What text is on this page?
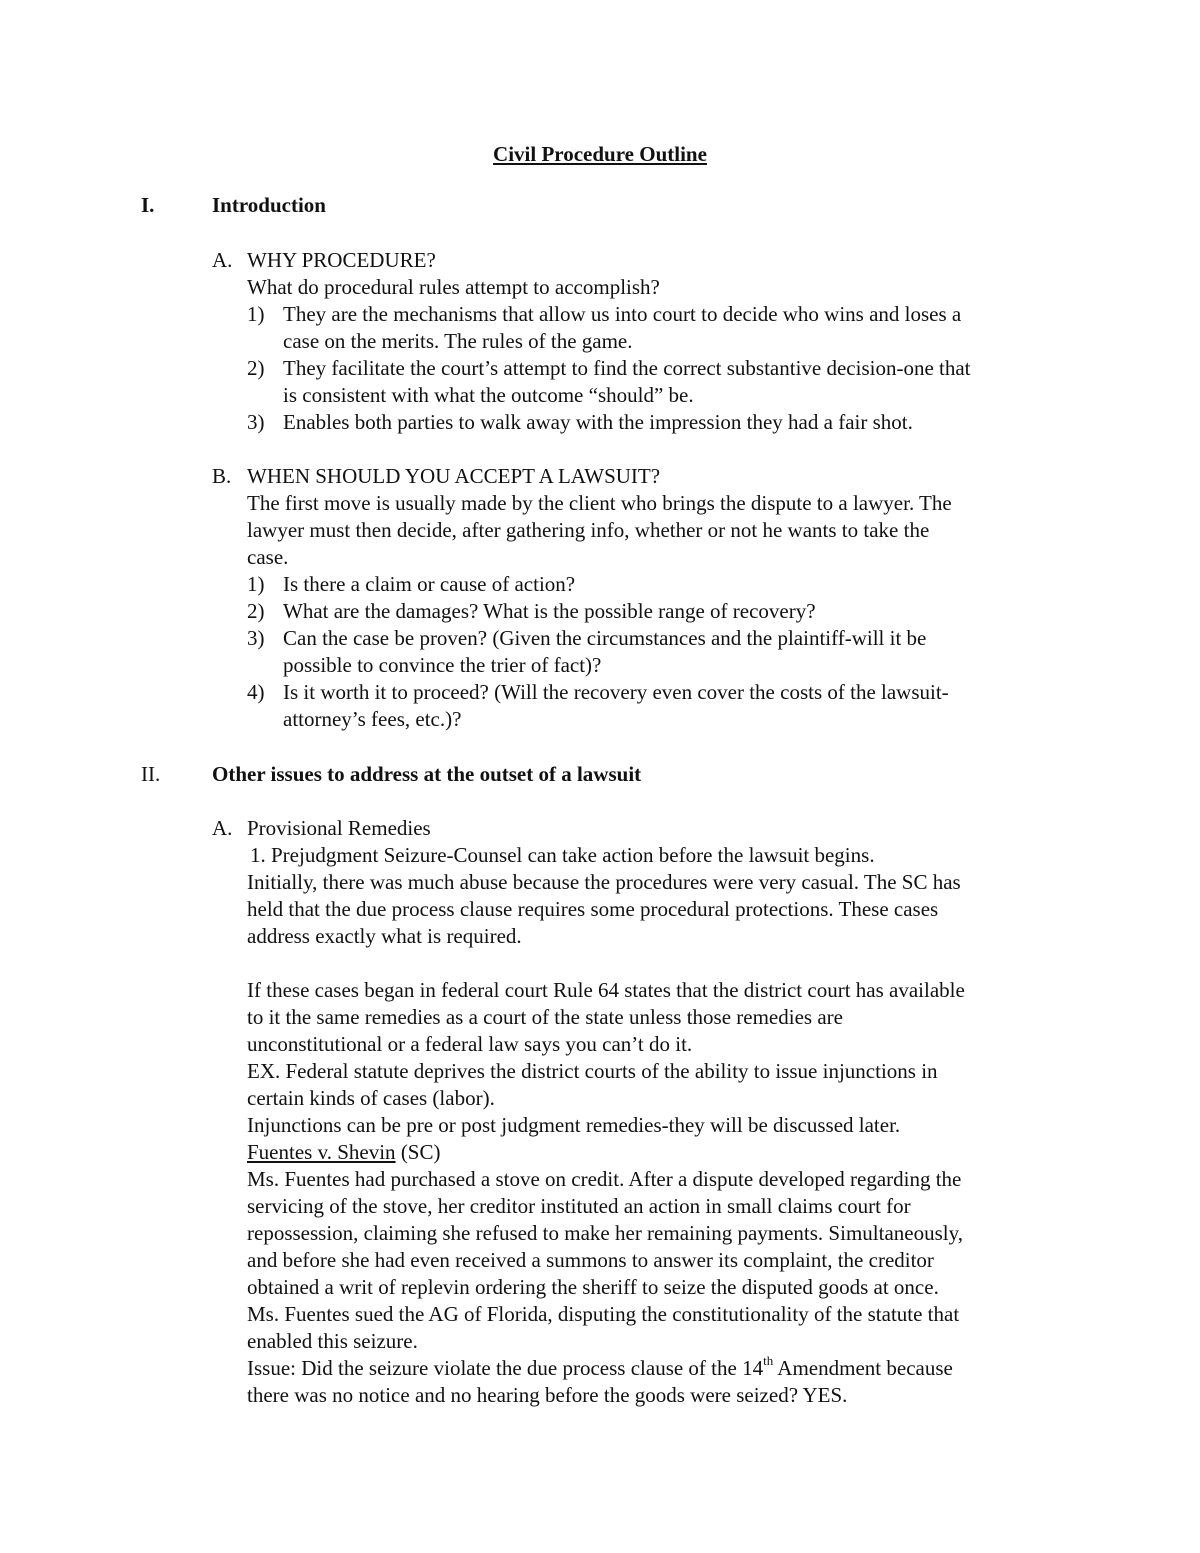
Civil Procedure Outline
I.	Introduction
A. WHY PROCEDURE?
What do procedural rules attempt to accomplish?
1) They are the mechanisms that allow us into court to decide who wins and loses a
case on the merits. The rules of the game.
2) They facilitate the court’s attempt to find the correct substantive decision-one that
is consistent with what the outcome “should” be.
3) Enables both parties to walk away with the impression they had a fair shot.
B. WHEN SHOULD YOU ACCEPT A LAWSUIT?
The first move is usually made by the client who brings the dispute to a lawyer. The
lawyer must then decide, after gathering info, whether or not he wants to take the
case.
1) Is there a claim or cause of action?
2) What are the damages? What is the possible range of recovery?
3) Can the case be proven? (Given the circumstances and the plaintiff-will it be
possible to convince the trier of fact)?
4) Is it worth it to proceed? (Will the recovery even cover the costs of the lawsuit-
attorney’s fees, etc.)?
II. Other issues to address at the outset of a lawsuit
A. Provisional Remedies
1. Prejudgment Seizure-Counsel can take action before the lawsuit begins.
Initially, there was much abuse because the procedures were very casual. The SC has
held that the due process clause requires some procedural protections. These cases
address exactly what is required.
If these cases began in federal court Rule 64 states that the district court has available
to it the same remedies as a court of the state unless those remedies are
unconstitutional or a federal law says you can’t do it.
EX. Federal statute deprives the district courts of the ability to issue injunctions in
certain kinds of cases (labor).
Injunctions can be pre or post judgment remedies-they will be discussed later.
Fuentes v. Shevin (SC)
Ms. Fuentes had purchased a stove on credit. After a dispute developed regarding the
servicing of the stove, her creditor instituted an action in small claims court for
repossession, claiming she refused to make her remaining payments. Simultaneously,
and before she had even received a summons to answer its complaint, the creditor
obtained a writ of replevin ordering the sheriff to seize the disputed goods at once.
Ms. Fuentes sued the AG of Florida, disputing the constitutionality of the statute that
enabled this seizure.
Issue: Did the seizure violate the due process clause of the 14th Amendment because
there was no notice and no hearing before the goods were seized? YES.
